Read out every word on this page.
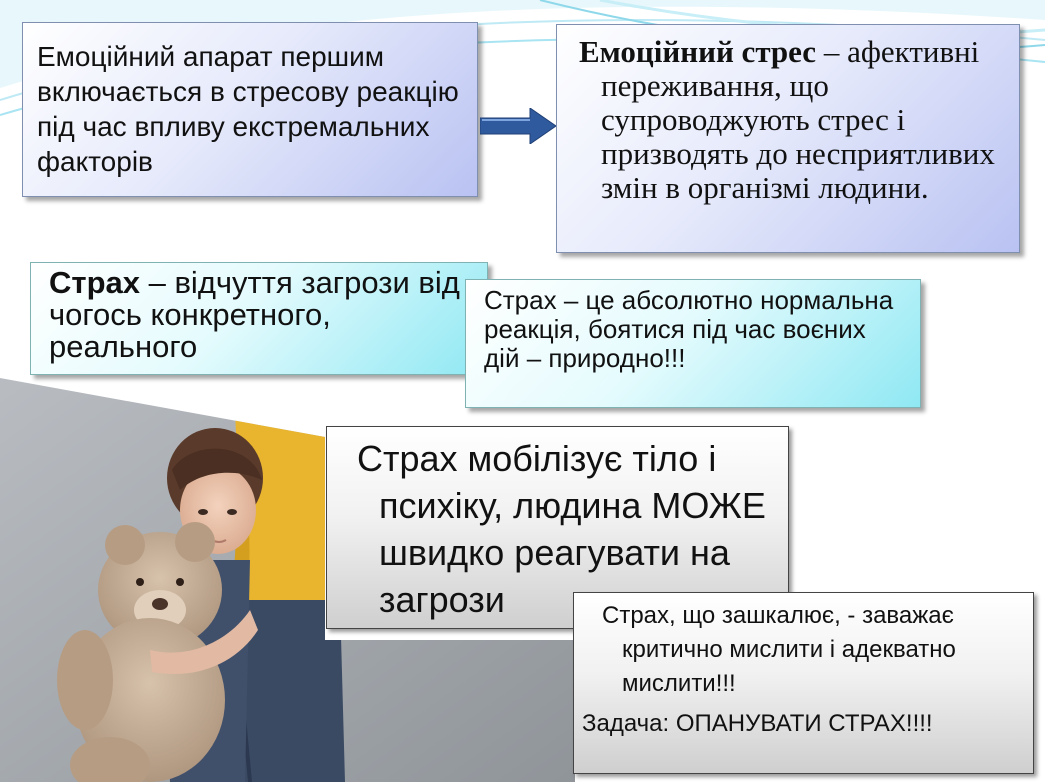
Емоційний апарат першим включається в стресову реакцію під час впливу екстремальних факторів
Емоційний стрес – афективні переживання, що супроводжують стрес і призводять до несприятливих змін в організмі людини.
Страх – відчуття загрози від чогось конкретного, реального
Страх – це абсолютно нормальна реакція, боятися під час воєних дій – природно!!!
Страх мобілізує тіло і психіку, людина МОЖЕ швидко реагувати на загрози	Страх, що зашкалює, - заважає критично мислити і адекватно мислити!!!
Задача: ОПАНУВАТИ СТРАХ!!!!
